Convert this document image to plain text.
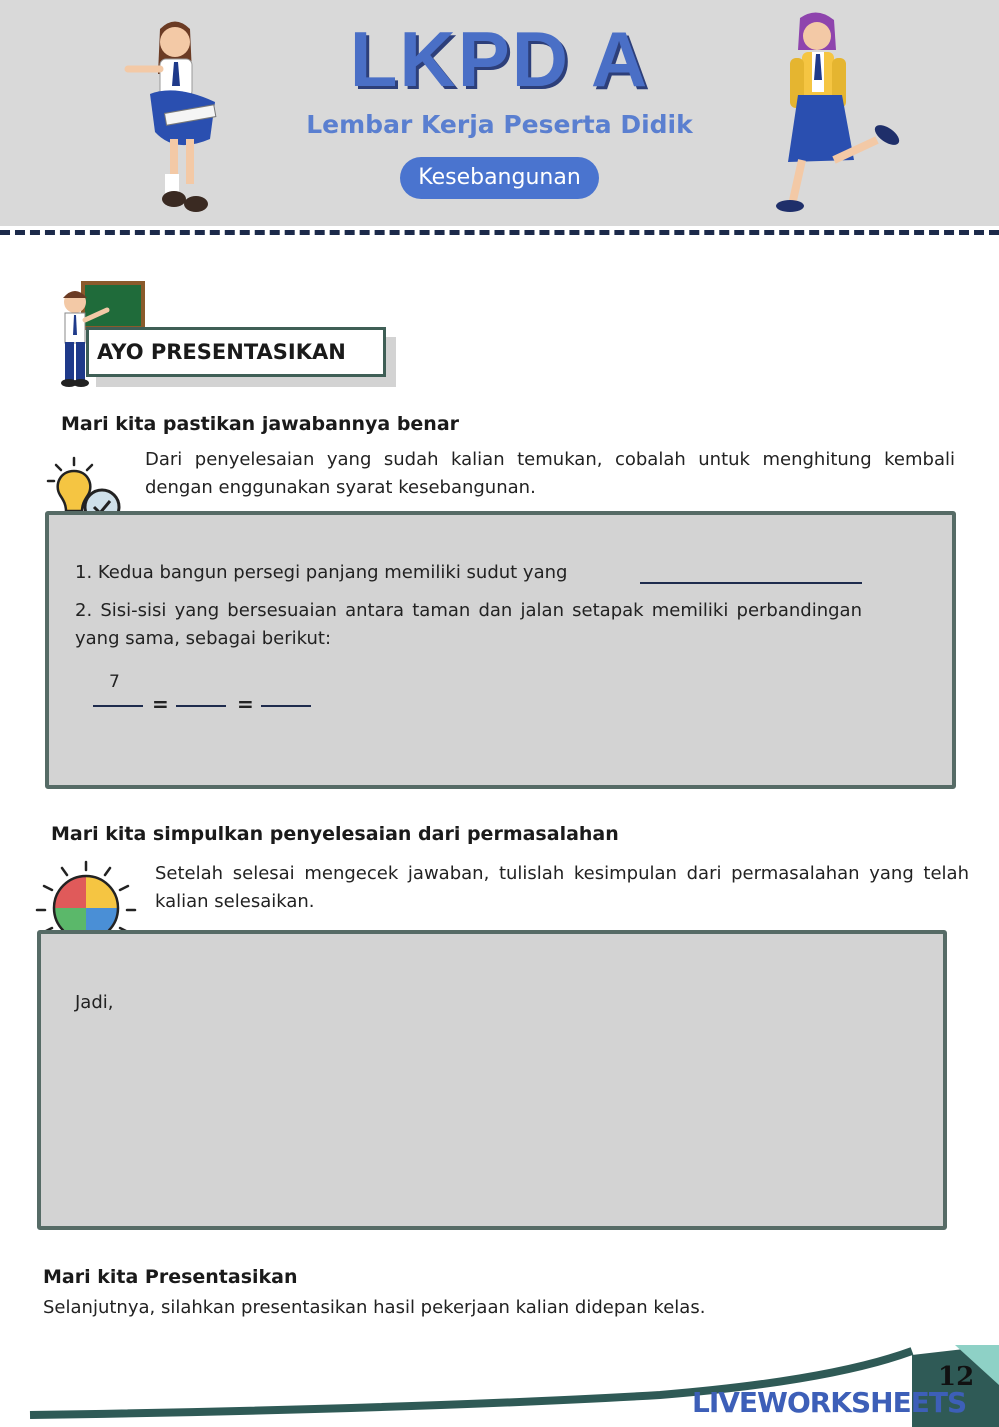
LKPD A
Lembar Kerja Peserta Didik
Kesebangunan
AYO PRESENTASIKAN
Mari kita pastikan jawabannya benar
Dari penyelesaian yang sudah kalian temukan, cobalah untuk menghitung kembali dengan enggunakan syarat kesebangunan.
1. Kedua bangun persegi panjang memiliki sudut yang
2. Sisi-sisi yang bersesuaian antara taman dan jalan setapak memiliki perbandingan yang sama, sebagai berikut:
7
=	=
Mari kita simpulkan penyelesaian dari permasalahan
Setelah selesai mengecek jawaban, tulislah kesimpulan dari permasalahan yang telah kalian selesaikan.
Jadi,
Mari kita Presentasikan
Selanjutnya, silahkan presentasikan hasil pekerjaan kalian didepan kelas.
12
LIVEWORKSHEETS
